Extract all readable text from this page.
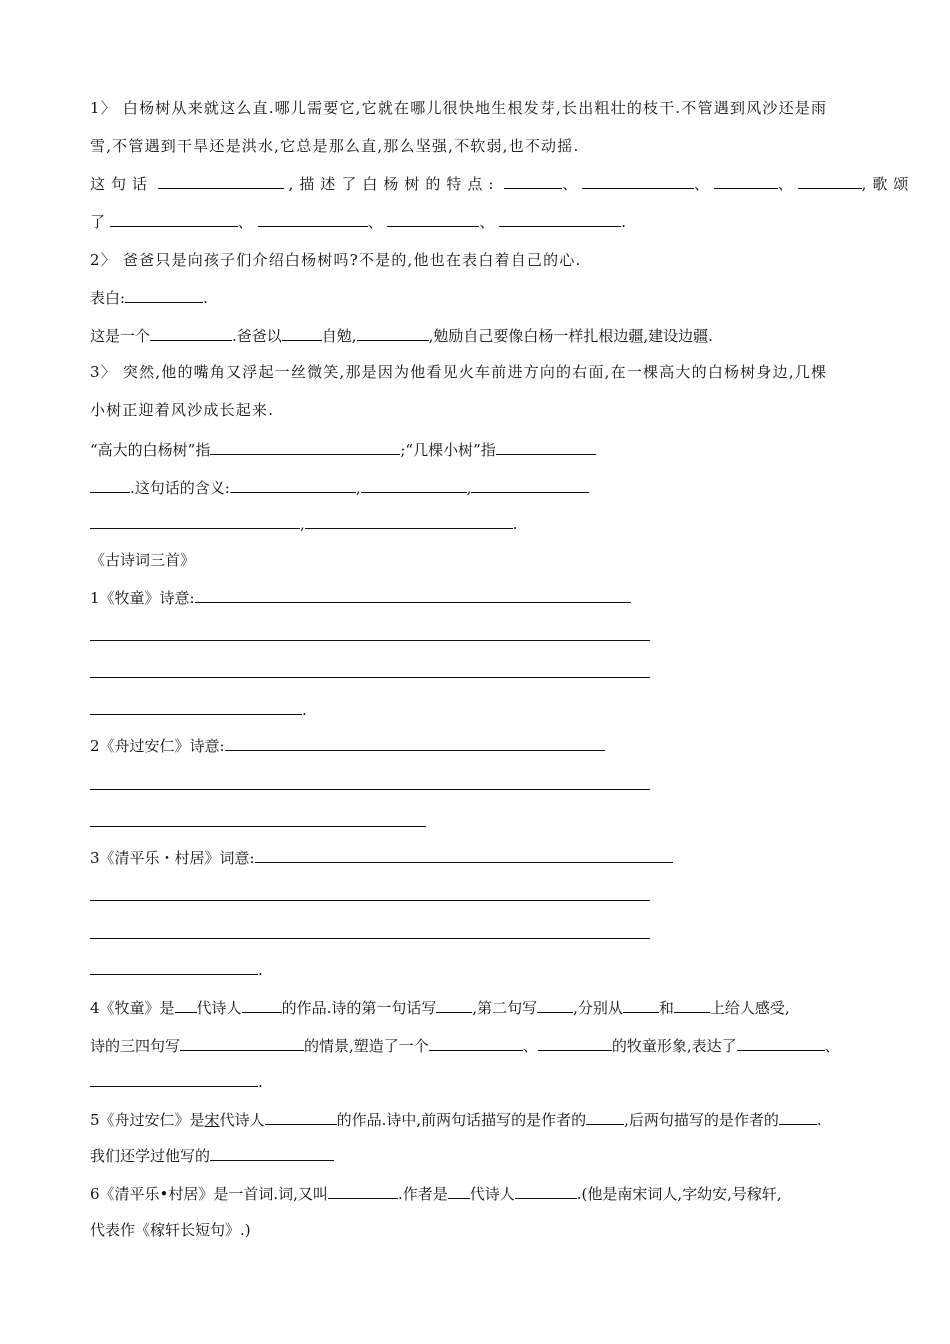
1〉 白杨树从来就这么直.哪儿需要它,它就在哪儿很快地生根发芽,长出粗壮的枝干.不管遇到风沙还是雨
雪,不管遇到干旱还是洪水,它总是那么直,那么坚强,不软弱,也不动摇.
这句话	,描述了白杨树的特点:	、	、	、	,歌颂
了	、	、	、	.
2〉 爸爸只是向孩子们介绍白杨树吗?不是的,他也在表白着自己的心.
表白:	.
这是一个	.爸爸以	自勉,	,勉励自己要像白杨一样扎根边疆,建设边疆.
3〉 突然,他的嘴角又浮起一丝微笑,那是因为他看见火车前进方向的右面,在一棵高大的白杨树身边,几棵
小树正迎着风沙成长起来.
“高大的白杨树”指	;“几棵小树”指
.这句话的含义:	,	,
,	.
《古诗词三首》
1《牧童》诗意:
.
2《舟过安仁》诗意:
3《清平乐・村居》词意:
.
4《牧童》是 代诗人	的作品.诗的第一句话写 ,第二句写 ,分别从 和 上给人感受,
诗的三四句写	的情景,塑造了一个	、	的牧童形象,表达了	、
.
5《舟过安仁》是宋代诗人	的作品.诗中,前两句话描写的是作者的	,后两句描写的是作者的	.
我们还学过他写的
6《清平乐•村居》是一首词.词,又叫	.作者是 代诗人	.(他是南宋词人,字幼安,号稼轩,
代表作《稼轩长短句》.)
